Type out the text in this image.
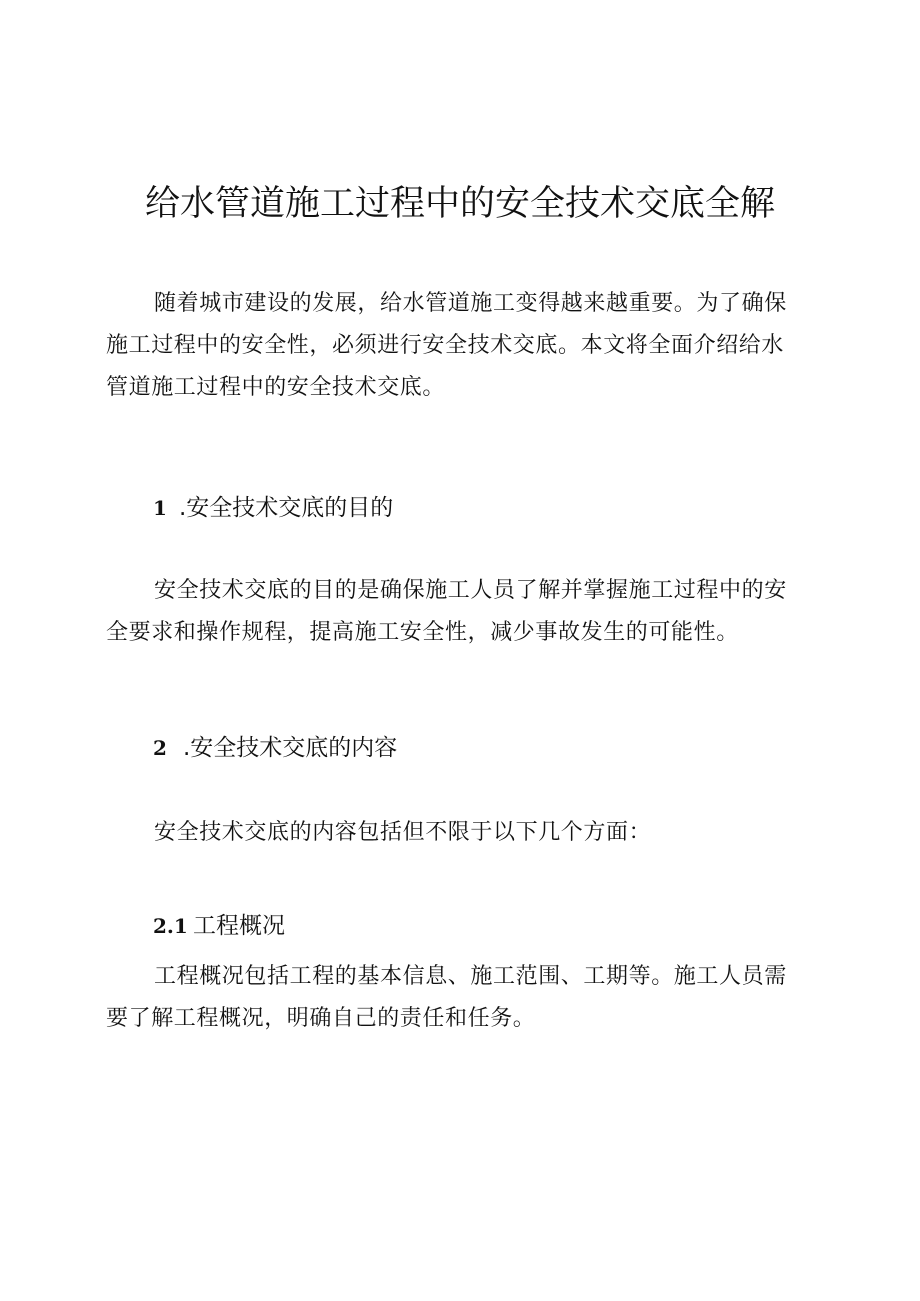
给水管道施工过程中的安全技术交底全解

随着城市建设的发展，给水管道施工变得越来越重要。为了确保施工过程中的安全性，必须进行安全技术交底。本文将全面介绍给水管道施工过程中的安全技术交底。

1 .安全技术交底的目的

安全技术交底的目的是确保施工人员了解并掌握施工过程中的安全要求和操作规程，提高施工安全性，减少事故发生的可能性。

2 .安全技术交底的内容

安全技术交底的内容包括但不限于以下几个方面：

2.1 工程概况

工程概况包括工程的基本信息、施工范围、工期等。施工人员需要了解工程概况，明确自己的责任和任务。
